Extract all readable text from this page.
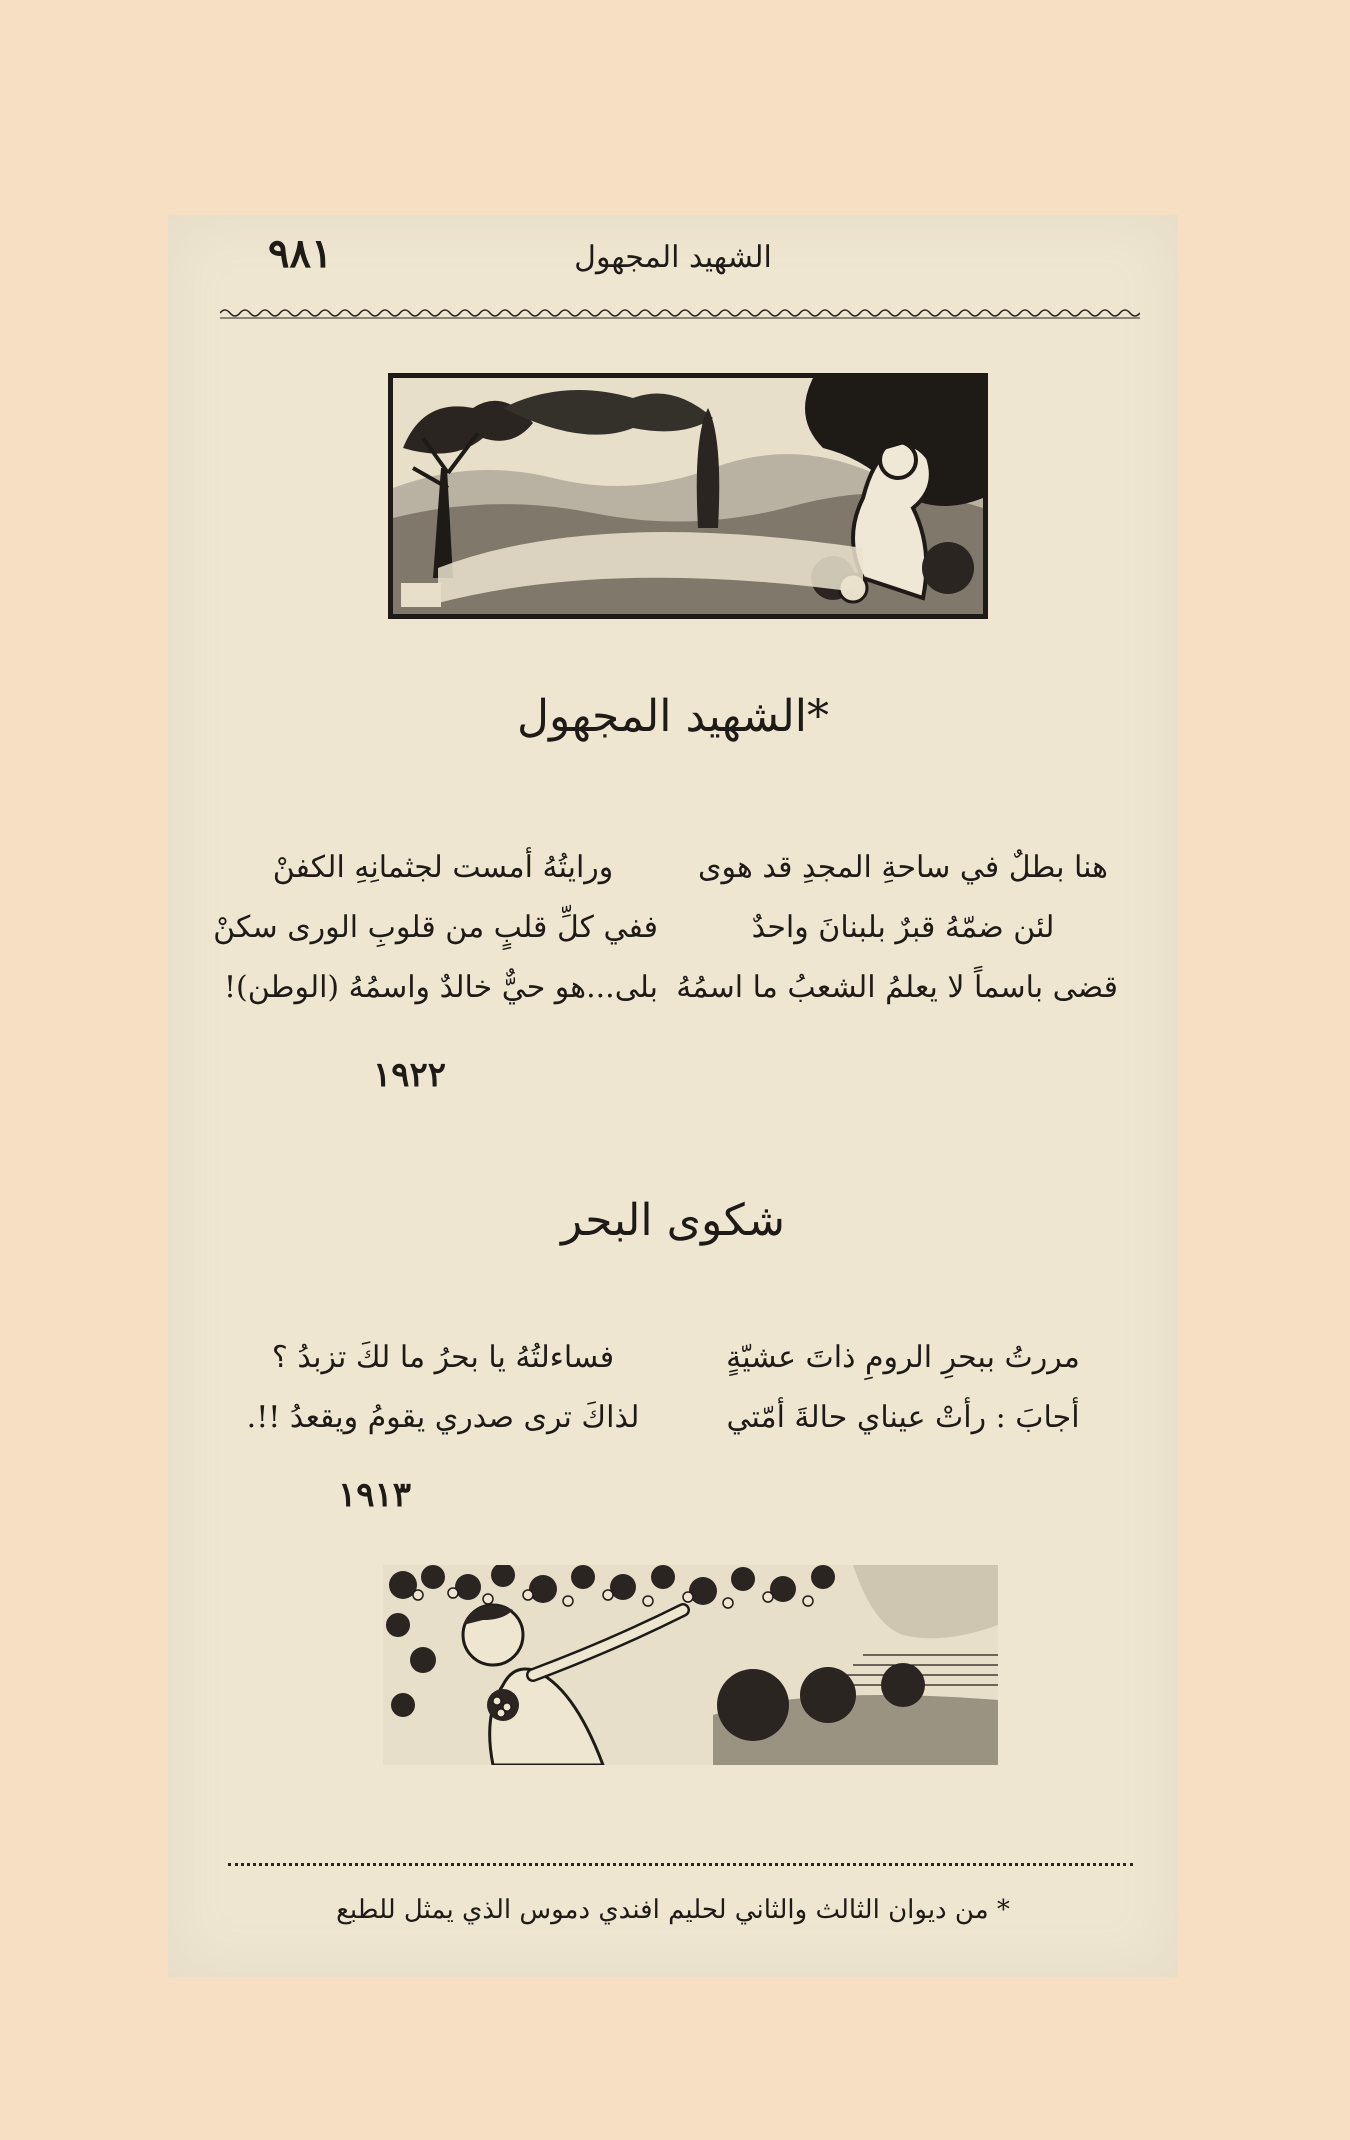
٩٨١	الشهيد المجهول
الشهيد المجهول*
هنا بطلٌ في ساحةِ المجدِ قد هوى
ورايتُهُ أمست لجثمانِهِ الكفنْ
لئن ضمّهُ قبرٌ بلبنانَ واحدٌ
ففي كلِّ قلبٍ من قلوبِ الورى سكنْ
قضى باسماً لا يعلمُ الشعبُ ما اسمُهُ
بلى...هو حيٌّ خالدٌ واسمُهُ (الوطن)!
١٩٢٢
شكوى البحر
مررتُ ببحرِ الرومِ ذاتَ عشيّةٍ
فساءلتُهُ يا بحرُ ما لكَ تزبدُ ؟
أجابَ : رأتْ عيناي حالةَ أمّتي
لذاكَ ترى صدري يقومُ ويقعدُ !!.
١٩١٣
* من ديوان الثالث والثاني لحليم افندي دموس الذي يمثل للطبع
